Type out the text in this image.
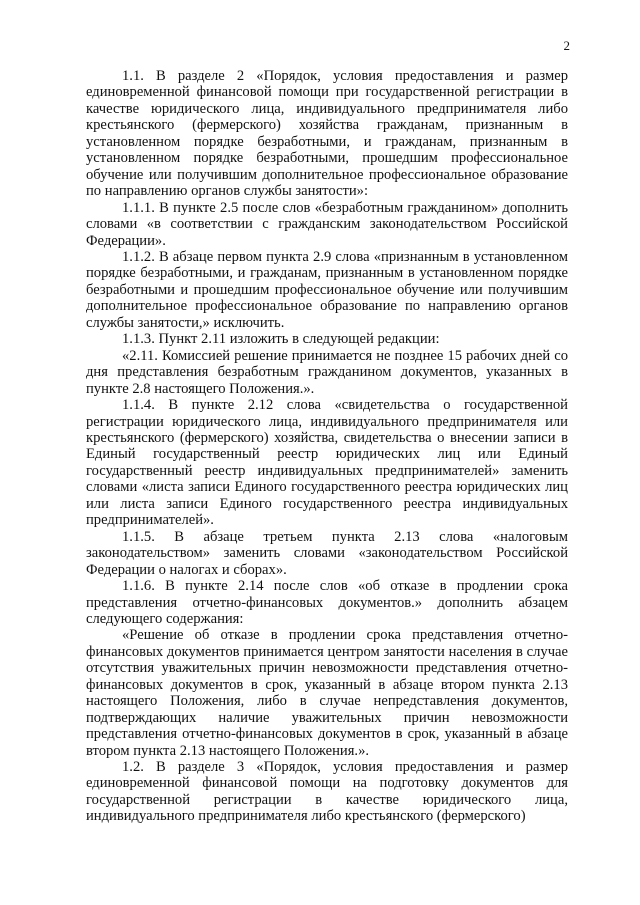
2

1.1. В разделе 2 «Порядок, условия предоставления и размер единовременной финансовой помощи при государственной регистрации в качестве юридического лица, индивидуального предпринимателя либо крестьянского (фермерского) хозяйства гражданам, признанным в установленном порядке безработными, и гражданам, признанным в установленном порядке безработными, прошедшим профессиональное обучение или получившим дополнительное профессиональное образование по направлению органов службы занятости»:

1.1.1. В пункте 2.5 после слов «безработным гражданином» дополнить словами «в соответствии с гражданским законодательством Российской Федерации».

1.1.2. В абзаце первом пункта 2.9 слова «признанным в установленном порядке безработными, и гражданам, признанным в установленном порядке безработными и прошедшим профессиональное обучение или получившим дополнительное профессиональное образование по направлению органов службы занятости,» исключить.

1.1.3. Пункт 2.11 изложить в следующей редакции:

«2.11. Комиссией решение принимается не позднее 15 рабочих дней со дня представления безработным гражданином документов, указанных в пункте 2.8 настоящего Положения.».

1.1.4. В пункте 2.12 слова «свидетельства о государственной регистрации юридического лица, индивидуального предпринимателя или крестьянского (фермерского) хозяйства, свидетельства о внесении записи в Единый государственный реестр юридических лиц или Единый государственный реестр индивидуальных предпринимателей» заменить словами «листа записи Единого государственного реестра юридических лиц или листа записи Единого государственного реестра индивидуальных предпринимателей».

1.1.5. В абзаце третьем пункта 2.13 слова «налоговым законодательством» заменить словами «законодательством Российской Федерации о налогах и сборах».

1.1.6. В пункте 2.14 после слов «об отказе в продлении срока представления отчетно-финансовых документов.» дополнить абзацем следующего содержания:

«Решение об отказе в продлении срока представления отчетно-финансовых документов принимается центром занятости населения в случае отсутствия уважительных причин невозможности представления отчетно-финансовых документов в срок, указанный в абзаце втором пункта 2.13 настоящего Положения, либо в случае непредставления документов, подтверждающих наличие уважительных причин невозможности представления отчетно-финансовых документов в срок, указанный в абзаце втором пункта 2.13 настоящего Положения.».

1.2. В разделе 3 «Порядок, условия предоставления и размер единовременной финансовой помощи на подготовку документов для государственной регистрации в качестве юридического лица, индивидуального предпринимателя либо крестьянского (фермерского)
